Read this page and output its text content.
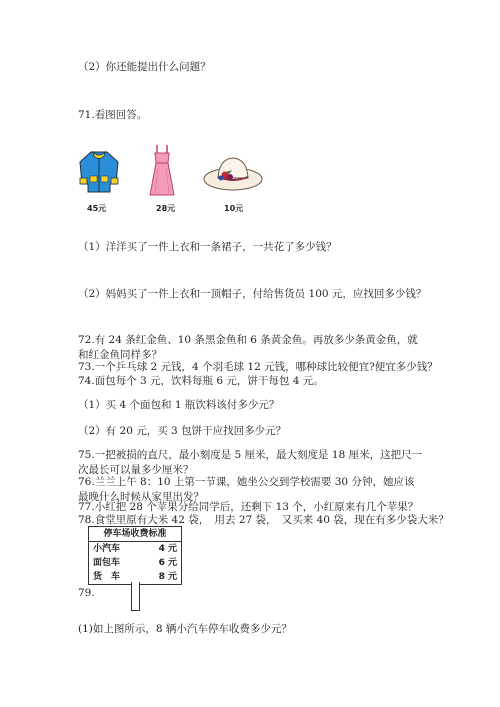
（2）你还能提出什么问题？
71.看图回答。
45元	28元	10元
（1）洋洋买了一件上衣和一条裙子，一共花了多少钱？
（2）妈妈买了一件上衣和一顶帽子，付给售货员 100 元，应找回多少钱？
72.有 24 条红金鱼、10 条黑金鱼和 6 条黄金鱼。再放多少条黄金鱼，就和红金鱼同样多？
73.一个乒乓球 2 元钱，4 个羽毛球 12 元钱，哪种球比较便宜?便宜多少钱？
74.面包每个 3 元，饮料每瓶 6 元，饼干每包 4 元。
（1）买 4 个面包和 1 瓶饮料该付多少元？
（2）有 20 元，买 3 包饼干应找回多少元？
75.一把被损的直尺，最小刻度是 5 厘米，最大刻度是 18 厘米，这把尺一次最长可以量多少厘米？
76.兰兰上午 8：10 上第一节课，她坐公交到学校需要 30 分钟，她应该最晚什么时候从家里出发？
77.小红把 28 个苹果分给同学后，还剩下 13 个，小红原来有几个苹果？
78.食堂里原有大米 42 袋，　用去 27 袋，　又买来 40 袋，现在有多少袋大米？
停车场收费标准
小汽车	4 元
面包车	6 元
货　车	8 元
79.
(1)如上图所示，8 辆小汽车停车收费多少元？
